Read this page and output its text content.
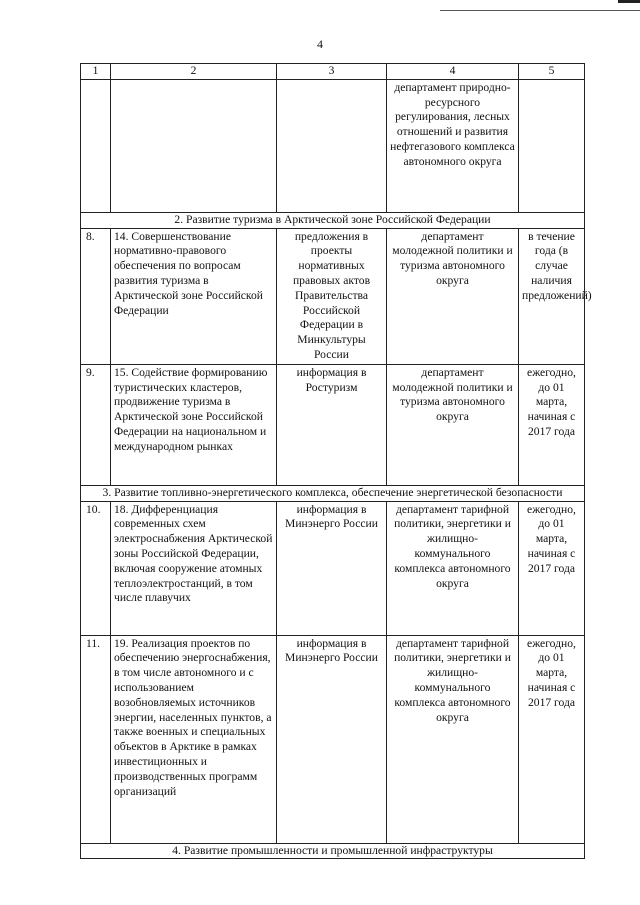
4
1	2	3	4	5
			департамент природно-ресурсного регулирования, лесных отношений и развития нефтегазового комплекса автономного округа	
2. Развитие туризма в Арктической зоне Российской Федерации				
8.	14. Совершенствование нормативно-правового обеспечения по вопросам развития туризма в Арктической зоне Российской Федерации	предложения в проекты нормативных правовых актов Правительства Российской Федерации в Минкультуры России	департамент молодежной политики и туризма автономного округа	в течение года (в случае наличия предложений)
9.	15. Содействие формированию туристических кластеров, продвижение туризма в Арктической зоне Российской Федерации на национальном и международном рынках	информация в Ростуризм	департамент молодежной политики и туризма автономного округа	ежегодно, до 01 марта, начиная с 2017 года
3. Развитие топливно-энергетического комплекса, обеспечение энергетической безопасности				
10.	18. Дифференциация современных схем электроснабжения Арктической зоны Российской Федерации, включая сооружение атомных теплоэлектростанций, в том числе плавучих	информация в Минэнерго России	департамент тарифной политики, энергетики и жилищно-коммунального комплекса автономного округа	ежегодно, до 01 марта, начиная с 2017 года
11.	19. Реализация проектов по обеспечению энергоснабжения, в том числе автономного и с использованием возобновляемых источников энергии, населенных пунктов, а также военных и специальных объектов в Арктике в рамках инвестиционных и производственных программ организаций	информация в Минэнерго России	департамент тарифной политики, энергетики и жилищно-коммунального комплекса автономного округа	ежегодно, до 01 марта, начиная с 2017 года
4. Развитие промышленности и промышленной инфраструктуры				
